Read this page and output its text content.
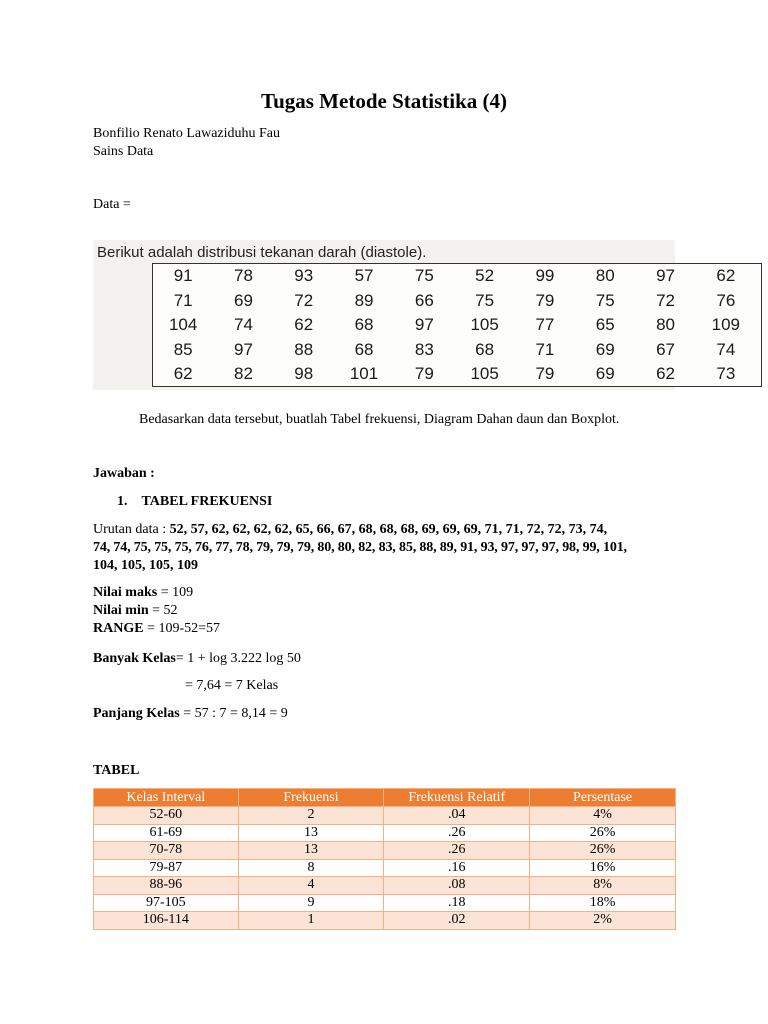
Tugas Metode Statistika (4)
Bonfilio Renato Lawaziduhu Fau
Sains Data
Data =
Berikut adalah distribusi tekanan darah (diastole).
91	78	93	57	75	52	99	80	97	62
71	69	72	89	66	75	79	75	72	76
104	74	62	68	97	105	77	65	80	109
85	97	88	68	83	68	71	69	67	74
62	82	98	101	79	105	79	69	62	73
Bedasarkan data tersebut, buatlah Tabel frekuensi, Diagram Dahan daun dan Boxplot.
Jawaban :
1.    TABEL FREKUENSI
Urutan data : 52, 57, 62, 62, 62, 62, 65, 66, 67, 68, 68, 68, 69, 69, 69, 71, 71, 72, 72, 73, 74,
74, 74, 75, 75, 75, 76, 77, 78, 79, 79, 79, 80, 80, 82, 83, 85, 88, 89, 91, 93, 97, 97, 97, 98, 99, 101,
104, 105, 105, 109
Nilai maks = 109
Nilai min = 52
RANGE = 109-52=57
Banyak Kelas= 1 + log 3.222 log 50
= 7,64 = 7 Kelas
Panjang Kelas = 57 : 7 = 8,14 = 9
TABEL
Kelas Interval	Frekuensi	Frekuensi Relatif	Persentase
52-60	2	.04	4%
61-69	13	.26	26%
70-78	13	.26	26%
79-87	8	.16	16%
88-96	4	.08	8%
97-105	9	.18	18%
106-114	1	.02	2%
